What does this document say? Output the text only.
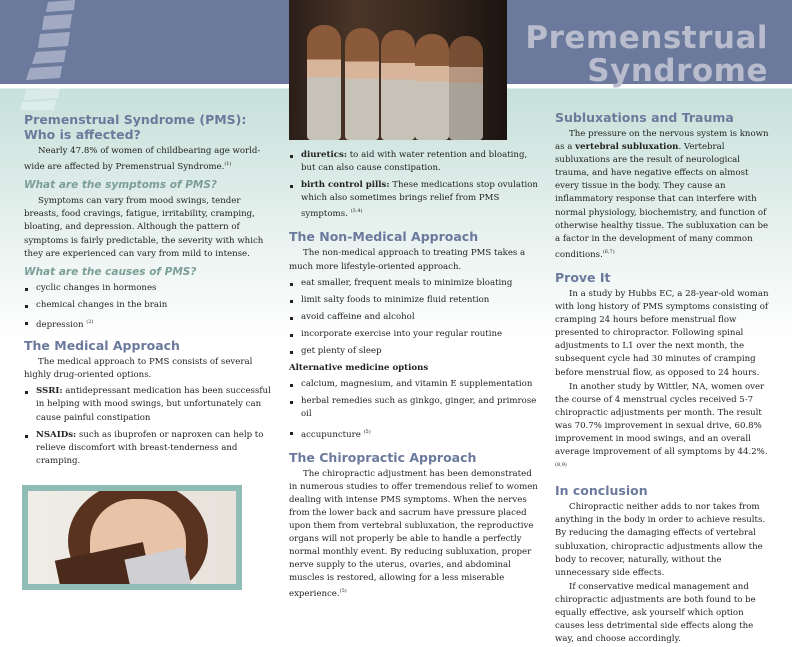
Premenstrual
Syndrome
Premenstrual Syndrome (PMS):
Who is affected?

Nearly 47.8% of women of childbearing age world-wide are affected by Premenstrual Syndrome.$^{(1)}$

What are the symptoms of PMS?

Symptoms can vary from mood swings, tender breasts, food cravings, fatigue, irritability, cramping, bloating, and depression. Although the pattern of symptoms is fairly predictable, the severity with which they are experienced can vary from mild to intense.

What are the causes of PMS?
cyclic changes in hormones
chemical changes in the brain
depression $^{(2)}$
The Medical Approach

The medical approach to PMS consists of several highly drug-oriented options.

SSRI: antidepressant medication has been successful in helping with mood swings, but unfortunately can cause painful constipation
NSAIDs: such as ibuprofen or naproxen can help to relieve discomfort with breast-tenderness and cramping.
diuretics: to aid with water retention and bloating, but can also cause constipation.
birth control pills: These medications stop ovulation which also sometimes brings relief from PMS symptoms. $^{(3,4)}$
The Non-Medical Approach

The non-medical approach to treating PMS takes a much more lifestyle-oriented approach.

eat smaller, frequent meals to minimize bloating
limit salty foods to minimize fluid retention
avoid caffeine and alcohol
incorporate exercise into your regular routine
get plenty of sleep
Alternative medicine options
calcium, magnesium, and vitamin E supplementation
herbal remedies such as ginkgo, ginger, and primrose oil
accupuncture $^{(5)}$
The Chiropractic Approach

The chiropractic adjustment has been demonstrated in numerous studies to offer tremendous relief to women dealing with intense PMS symptoms. When the nerves from the lower back and sacrum have pressure placed upon them from vertebral subluxation, the reproductive organs will not properly be able to handle a perfectly normal monthly event. By reducing subluxation, proper nerve supply to the uterus, ovaries, and abdominal muscles is restored, allowing for a less miserable experience.$^{(5)}$

Subluxations and Trauma

The pressure on the nervous system is known as a vertebral subluxation. Vertebral subluxations are the result of neurological trauma, and have negative effects on almost every tissue in the body. They cause an inflammatory response that can interfere with normal physiology, biochemistry, and function of otherwise healthy tissue. The subluxation can be a factor in the development of many common conditions.$^{(6,7)}$

Prove It

In a study by Hubbs EC, a 28-year-old woman with long history of PMS symptoms consisting of cramping 24 hours before menstrual flow presented to chiropractor. Following spinal adjustments to L1 over the next month, the subsequent cycle had 30 minutes of cramping before menstrual flow, as opposed to 24 hours.

In another study by Wittler, NA, women over the course of 4 menstrual cycles received 5-7 chiropractic adjustments per month. The result was 70.7% improvement in sexual drive, 60.8% improvement in mood swings, and an overall average improvement of all symptoms by 44.2%.$^{(8,9)}$

In conclusion

Chiropractic neither adds to nor takes from anything in the body in order to achieve results. By reducing the damaging effects of vertebral subluxation, chiropractic adjustments allow the body to recover, naturally, without the unnecessary side effects.

If conservative medical management and chiropractic adjustments are both found to be equally effective, ask yourself which option causes less detrimental side effects along the way, and choose accordingly.
